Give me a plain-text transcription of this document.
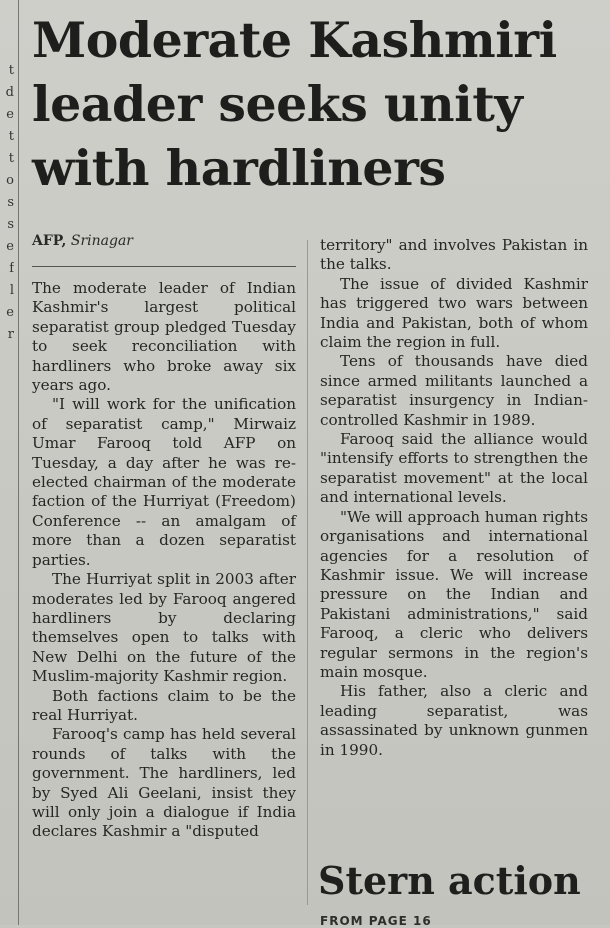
t
d
e
t
t
o
s
s
e
f
l
e
r
Moderate Kashmiri leader seeks unity with hardliners
AFP, Srinagar

The moderate leader of Indian Kashmir's largest political separatist group pledged Tuesday to seek reconciliation with hardliners who broke away six years ago.

"I will work for the unification of separatist camp," Mirwaiz Umar Farooq told AFP on Tuesday, a day after he was re-elected chairman of the moderate faction of the Hurriyat (Freedom) Conference -- an amalgam of more than a dozen separatist parties.

The Hurriyat split in 2003 after moderates led by Farooq angered hardliners by declaring themselves open to talks with New Delhi on the future of the Muslim-majority Kashmir region.

Both factions claim to be the real Hurriyat.

Farooq's camp has held several rounds of talks with the government. The hardliners, led by Syed Ali Geelani, insist they will only join a dialogue if India declares Kashmir a "disputed

territory" and involves Pakistan in the talks.

The issue of divided Kashmir has triggered two wars between India and Pakistan, both of whom claim the region in full.

Tens of thousands have died since armed militants launched a separatist insurgency in Indian-controlled Kashmir in 1989.

Farooq said the alliance would "intensify efforts to strengthen the separatist movement" at the local and international levels.

"We will approach human rights organisations and international agencies for a resolution of Kashmir issue. We will increase pressure on the Indian and Pakistani administrations," said Farooq, a cleric who delivers regular sermons in the region's main mosque.

His father, also a cleric and leading separatist, was assassinated by unknown gunmen in 1990.

Stern action
FROM PAGE 16
